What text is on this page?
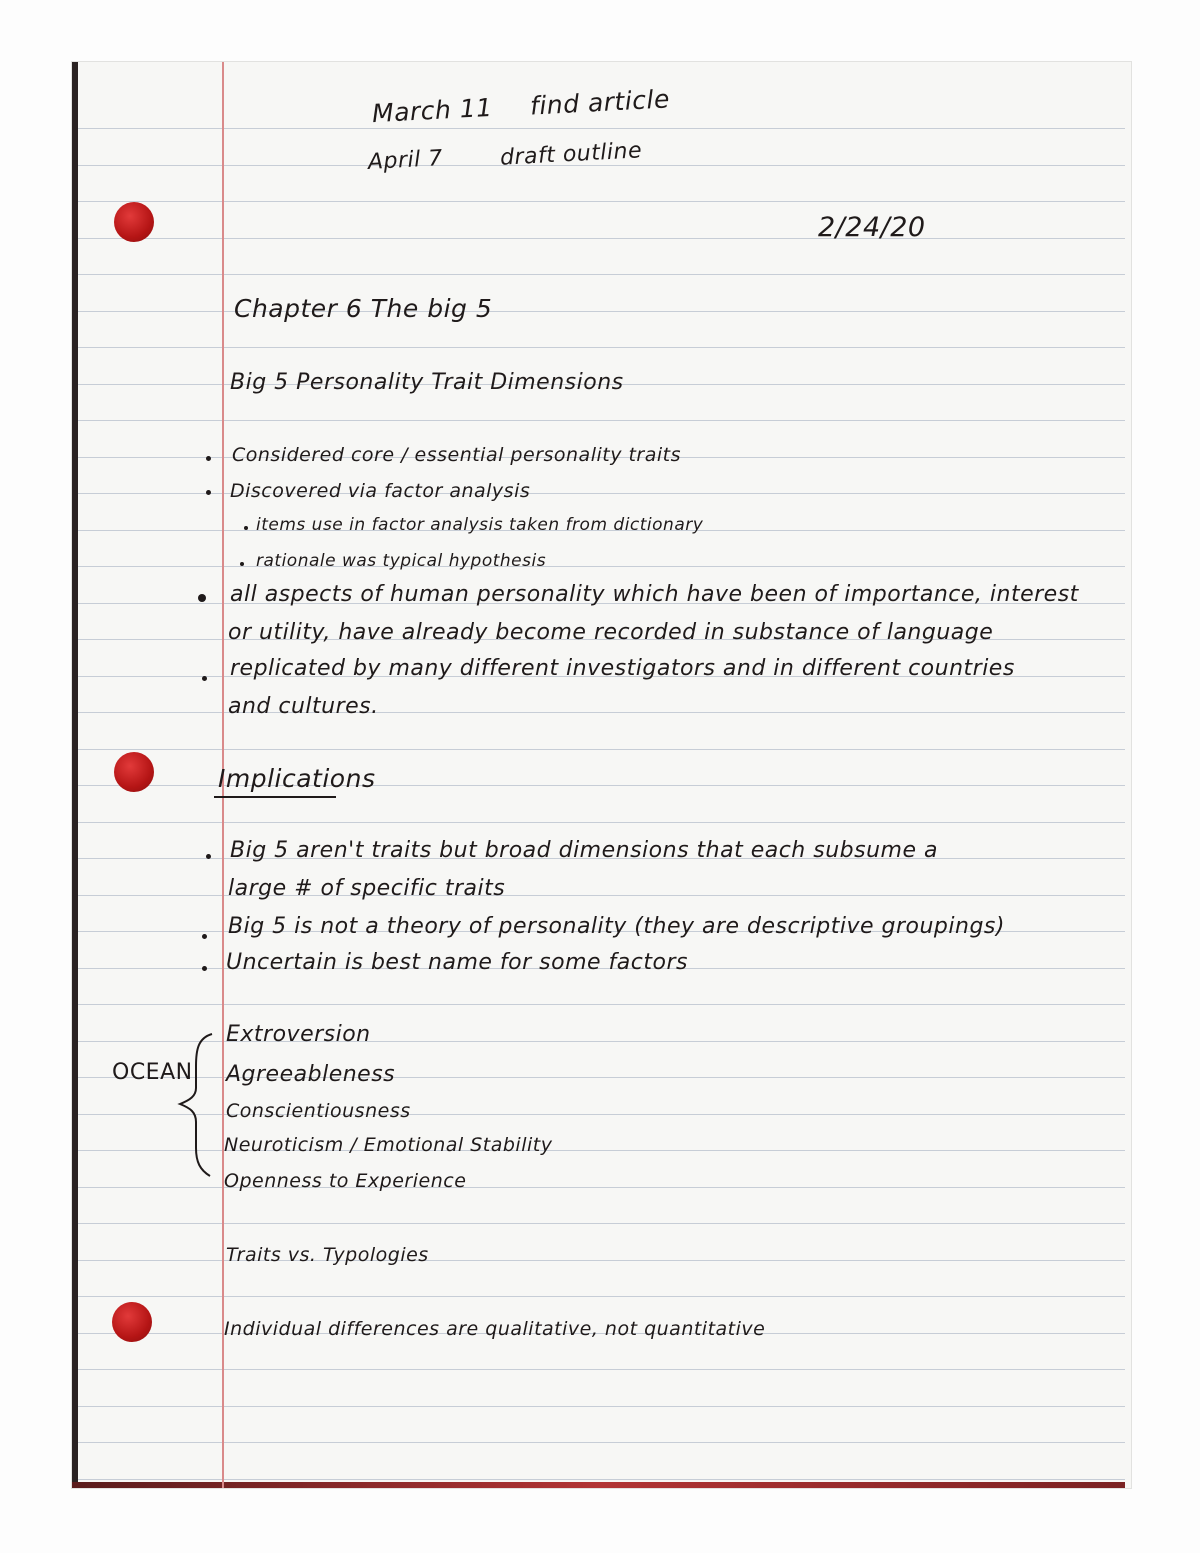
March 11 find article
April 7	draft outline
2/24/20
Chapter 6 The big 5
Big 5 Personality Trait Dimensions
Considered core / essential personality traits
Discovered via factor analysis
items use in factor analysis taken from dictionary
rationale was typical hypothesis
all aspects of human personality which have been of importance, interest
or utility, have already become recorded in substance of language
replicated by many different investigators and in different countries
and cultures.
Implications
Big 5 aren't traits but broad dimensions that each subsume a
large # of specific traits
Big 5 is not a theory of personality (they are descriptive groupings)
Uncertain is best name for some factors
OCEAN
Extroversion
Agreeableness
Conscientiousness
Neuroticism / Emotional Stability
Openness to Experience
Traits vs. Typologies
Individual differences are qualitative, not quantitative
